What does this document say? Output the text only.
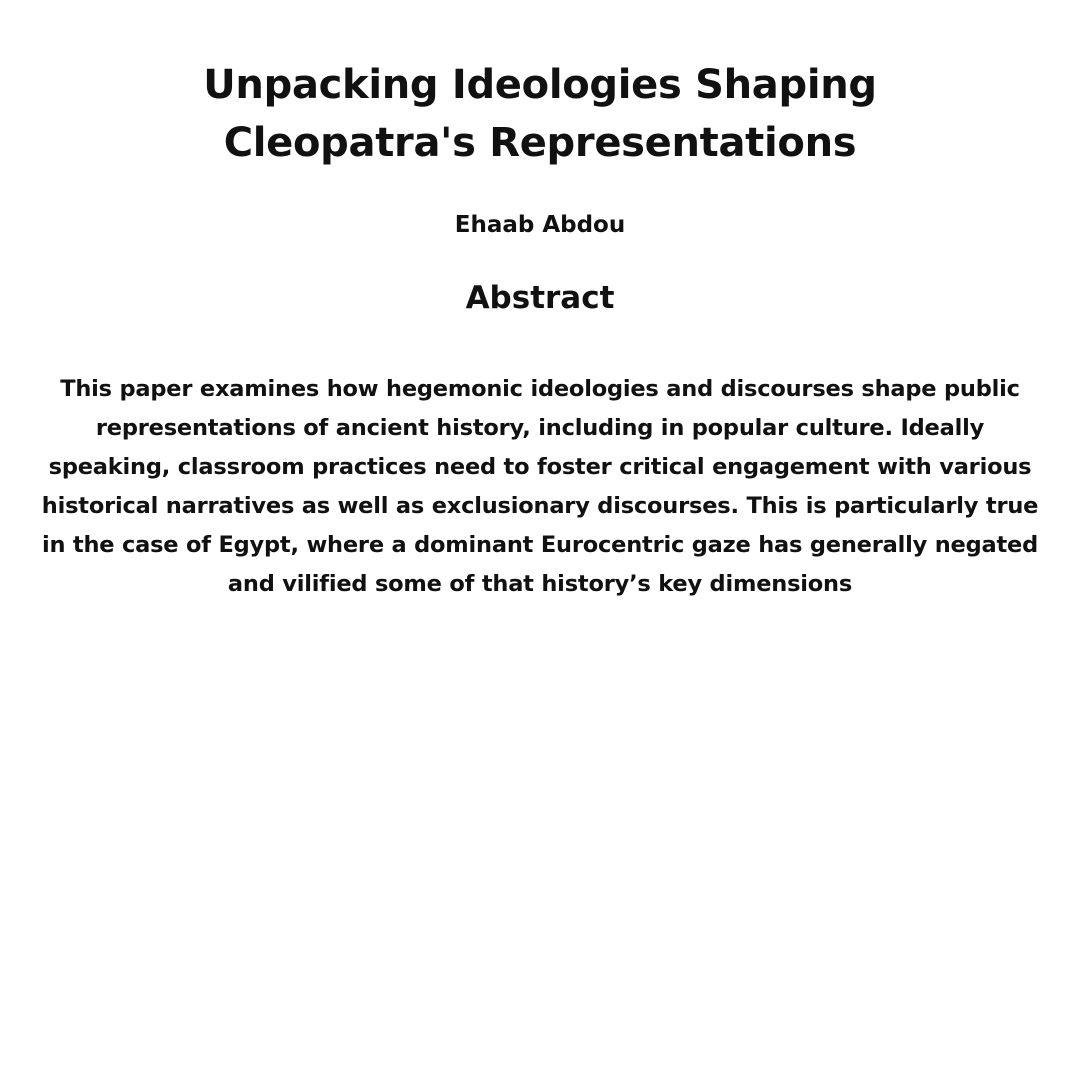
Unpacking Ideologies Shaping Cleopatra's Representations
Ehaab Abdou
Abstract

This paper examines how hegemonic ideologies and discourses shape public representations of ancient history, including in popular culture. Ideally speaking, classroom practices need to foster critical engagement with various historical narratives as well as exclusionary discourses. This is particularly true in the case of Egypt, where a dominant Eurocentric gaze has generally negated and vilified some of that history’s key dimensions
